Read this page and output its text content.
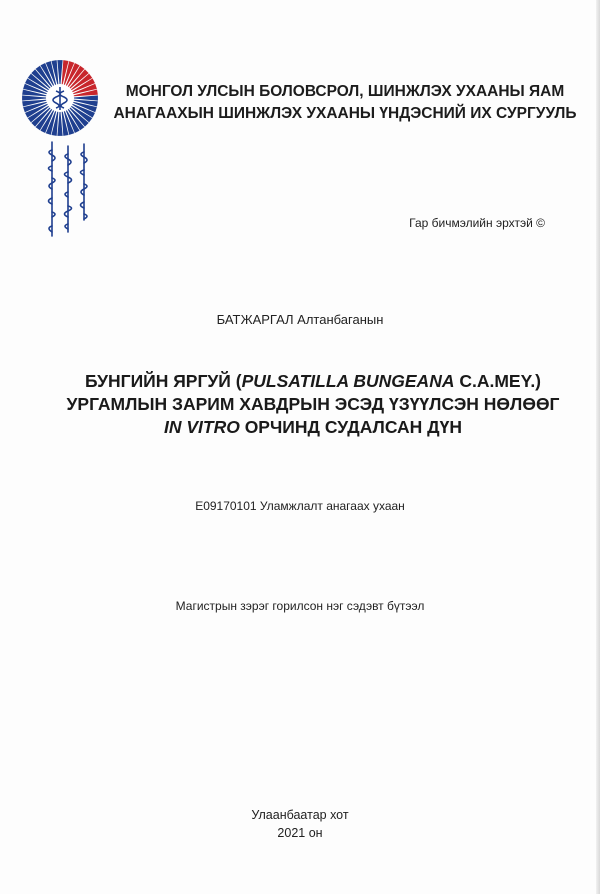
МОНГОЛ УЛСЫН БОЛОВСРОЛ, ШИНЖЛЭХ УХААНЫ ЯАМ
АНАГААХЫН ШИНЖЛЭХ УХААНЫ ҮНДЭСНИЙ ИХ СУРГУУЛЬ
Гар бичмэлийн эрхтэй ©
БАТЖАРГАЛ Алтанбаганын
БУНГИЙН ЯРГУЙ (PULSATILLA BUNGEANA C.A.MEY.)
УРГАМЛЫН ЗАРИМ ХАВДРЫН ЭСЭД ҮЗҮҮЛСЭН НӨЛӨӨГ
IN VITRO ОРЧИНД СУДАЛСАН ДҮН
E09170101 Уламжлалт анагаах ухаан
Магистрын зэрэг горилсон нэг сэдэвт бүтээл
Улаанбаатар хот
2021 он
